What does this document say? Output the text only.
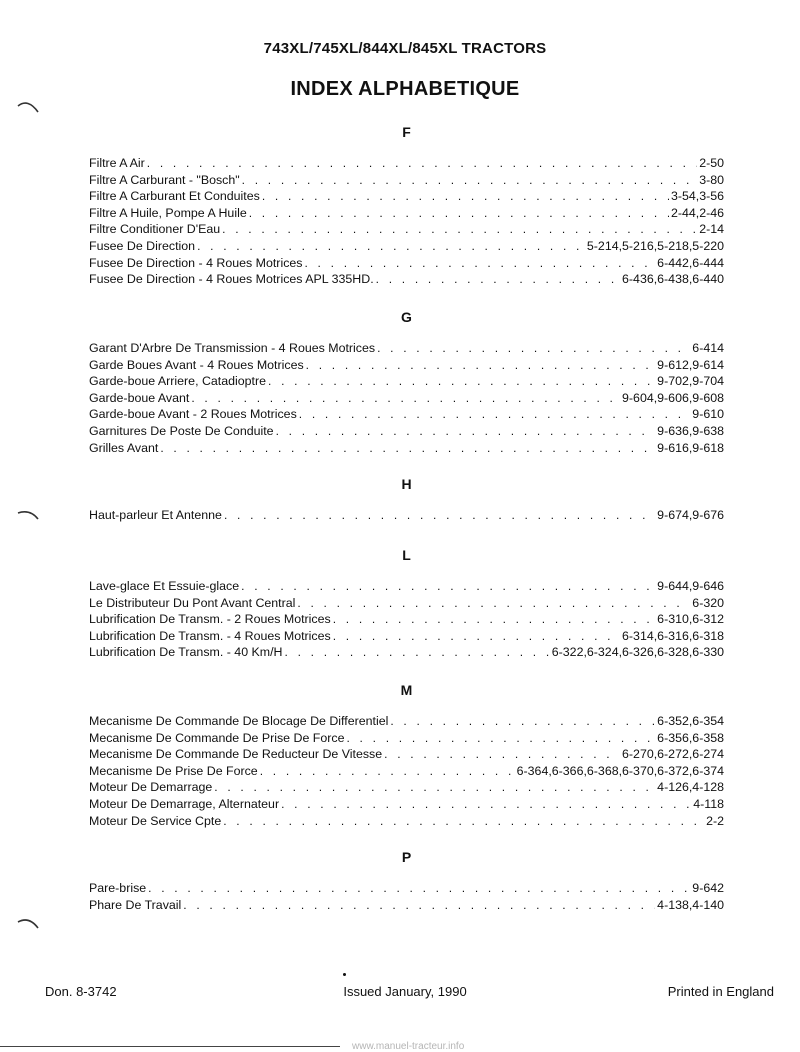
743XL/745XL/844XL/845XL TRACTORS
INDEX ALPHABETIQUE
F
Filtre A Air . . .	2-50
Filtre A Carburant - "Bosch" . . .	3-80
Filtre A Carburant Et Conduites . . .	3-54,3-56
Filtre A Huile, Pompe A Huile . . .	2-44,2-46
Filtre Conditioner D'Eau . . .	2-14
Fusee De Direction . . .	5-214,5-216,5-218,5-220
Fusee De Direction - 4 Roues Motrices . . .	6-442,6-444
Fusee De Direction - 4 Roues Motrices APL 335HD. . . .	6-436,6-438,6-440
G
Garant D'Arbre De Transmission - 4 Roues Motrices . . .	6-414
Garde Boues Avant - 4 Roues Motrices . . .	9-612,9-614
Garde-boue Arriere, Catadioptre . . .	9-702,9-704
Garde-boue Avant . . .	9-604,9-606,9-608
Garde-boue Avant - 2 Roues Motrices . . .	9-610
Garnitures De Poste De Conduite . . .	9-636,9-638
Grilles Avant . . .	9-616,9-618
H
Haut-parleur Et Antenne . . .	9-674,9-676
L
Lave-glace Et Essuie-glace . . .	9-644,9-646
Le Distributeur Du Pont Avant Central . . .	6-320
Lubrification De Transm. - 2 Roues Motrices . . .	6-310,6-312
Lubrification De Transm. - 4 Roues Motrices . . .	6-314,6-316,6-318
Lubrification De Transm. - 40 Km/H . . .	6-322,6-324,6-326,6-328,6-330
M
Mecanisme De Commande De Blocage De Differentiel . . .	6-352,6-354
Mecanisme De Commande De Prise De Force . . .	6-356,6-358
Mecanisme De Commande De Reducteur De Vitesse . . .	6-270,6-272,6-274
Mecanisme De Prise De Force . . .	6-364,6-366,6-368,6-370,6-372,6-374
Moteur De Demarrage . . .	4-126,4-128
Moteur De Demarrage, Alternateur . . .	4-118
Moteur De Service Cpte . . .	2-2
P
Pare-brise . . .	9-642
Phare De Travail . . .	4-138,4-140
Don. 8-3742	Issued January, 1990	Printed in England
www.manuel-tracteur.info
